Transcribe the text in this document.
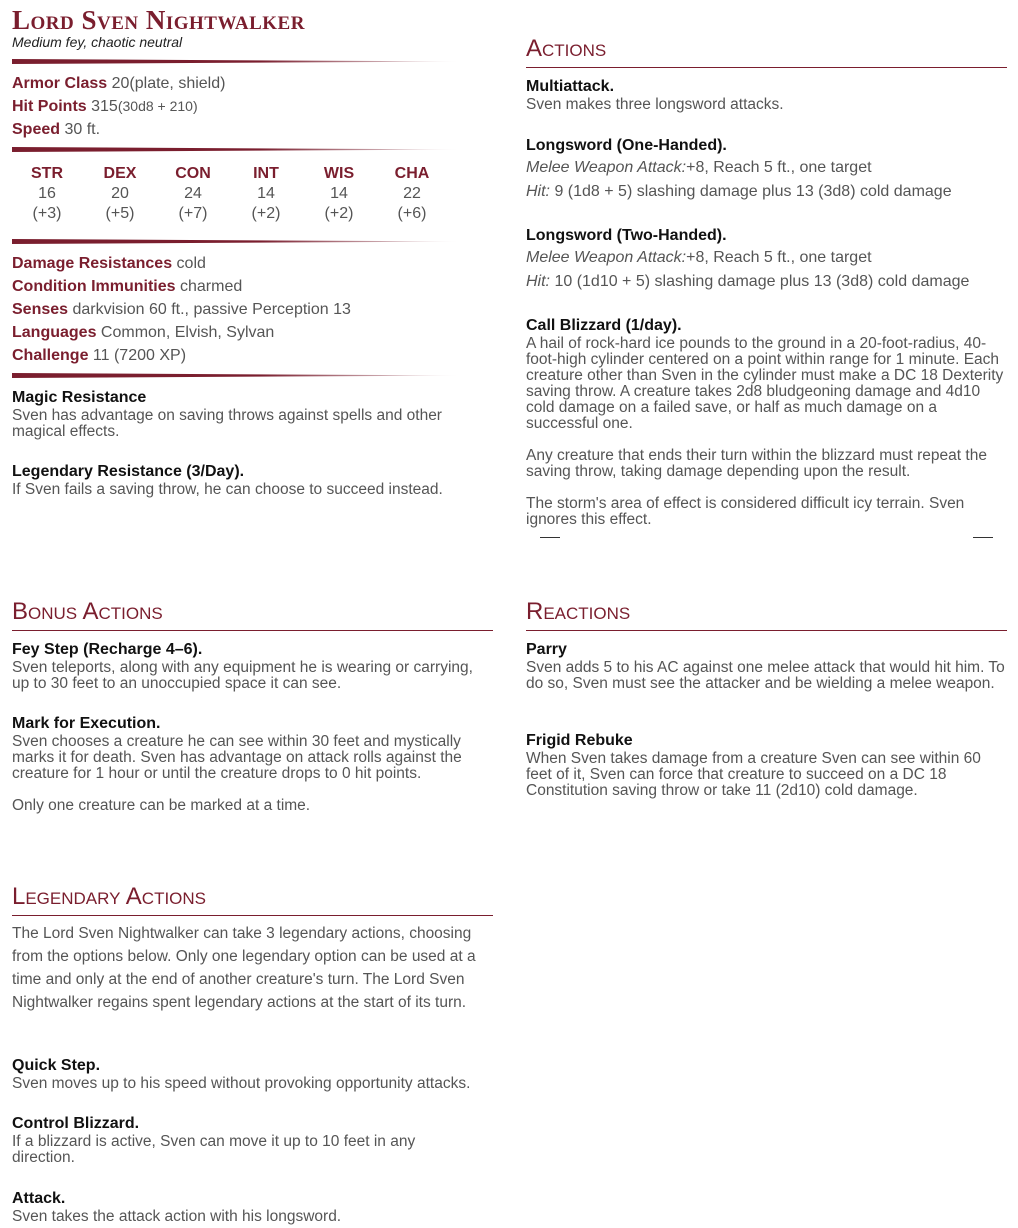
Lord Sven Nightwalker
Medium fey, chaotic neutral
Armor Class 20(plate, shield)
Hit Points 315(30d8 + 210)
Speed 30 ft.
STR
16
(+3)
DEX
20
(+5)
CON
24
(+7)
INT
14
(+2)
WIS
14
(+2)
CHA
22
(+6)
Damage Resistances cold
Condition Immunities charmed
Senses darkvision 60 ft., passive Perception 13
Languages Common, Elvish, Sylvan
Challenge 11 (7200 XP)
Magic Resistance
Sven has advantage on saving throws against spells and other magical effects.
Legendary Resistance (3/Day).
If Sven fails a saving throw, he can choose to succeed instead.
Bonus Actions
Fey Step (Recharge 4–6).
Sven teleports, along with any equipment he is wearing or carrying, up to 30 feet to an unoccupied space it can see.
Mark for Execution.
Sven chooses a creature he can see within 30 feet and mystically marks it for death. Sven has advantage on attack rolls against the creature for 1 hour or until the creature drops to 0 hit points.
Only one creature can be marked at a time.
Legendary Actions
The Lord Sven Nightwalker can take 3 legendary actions, choosing from the options below. Only one legendary option can be used at a time and only at the end of another creature's turn. The Lord Sven Nightwalker regains spent legendary actions at the start of its turn.
Quick Step.
Sven moves up to his speed without provoking opportunity attacks.
Control Blizzard.
If a blizzard is active, Sven can move it up to 10 feet in any direction.
Attack.
Sven takes the attack action with his longsword.
Actions
Multiattack.
Sven makes three longsword attacks.
Longsword (One-Handed).
Melee Weapon Attack:+8, Reach 5 ft., one target
Hit: 9 (1d8 + 5) slashing damage plus 13 (3d8) cold damage
Longsword (Two-Handed).
Melee Weapon Attack:+8, Reach 5 ft., one target
Hit: 10 (1d10 + 5) slashing damage plus 13 (3d8) cold damage
Call Blizzard (1/day).
A hail of rock-hard ice pounds to the ground in a 20-foot-radius, 40-foot-high cylinder centered on a point within range for 1 minute. Each creature other than Sven in the cylinder must make a DC 18 Dexterity saving throw. A creature takes 2d8 bludgeoning damage and 4d10 cold damage on a failed save, or half as much damage on a successful one.
Any creature that ends their turn within the blizzard must repeat the saving throw, taking damage depending upon the result.
The storm's area of effect is considered difficult icy terrain. Sven ignores this effect.
Reactions
Parry
Sven adds 5 to his AC against one melee attack that would hit him. To do so, Sven must see the attacker and be wielding a melee weapon.
Frigid Rebuke
When Sven takes damage from a creature Sven can see within 60 feet of it, Sven can force that creature to succeed on a DC 18 Constitution saving throw or take 11 (2d10) cold damage.
